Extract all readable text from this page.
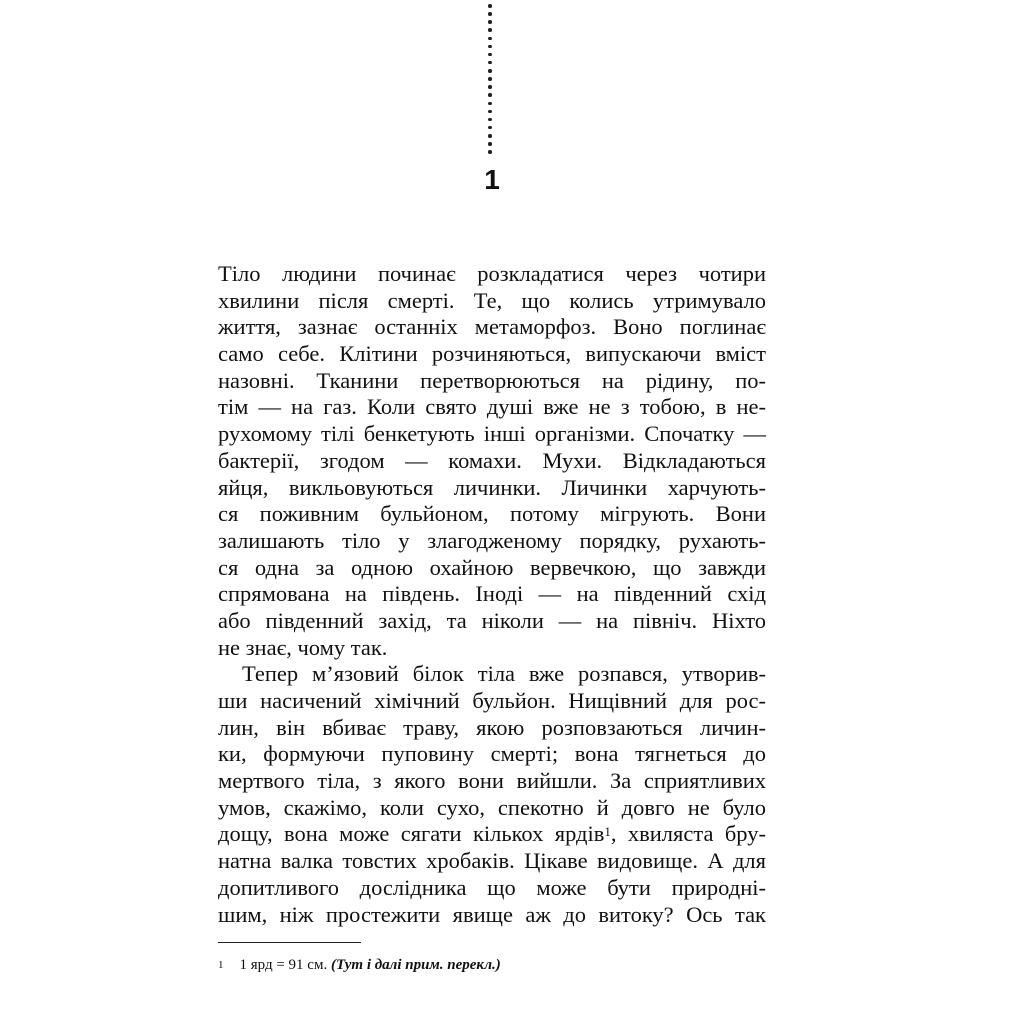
1
Тіло людини починає розкладатися через чотири
хвилини після смерті. Те, що колись утримувало
життя, зазнає останніх метаморфоз. Воно поглинає
само себе. Клітини розчиняються, випускаючи вміст
назовні. Тканини перетворюються на рідину, по-
тім — на газ. Коли свято душі вже не з тобою, в не-
рухомому тілі бенкетують інші організми. Спочатку —
бактерії, згодом — комахи. Мухи. Відкладаються
яйця, викльовуються личинки. Личинки харчують-
ся поживним бульйоном, потому мігрують. Вони
залишають тіло у злагодженому порядку, рухають-
ся одна за одною охайною вервечкою, що завжди
спрямована на південь. Іноді — на південний схід
або південний захід, та ніколи — на північ. Ніхто
не знає, чому так.
Тепер м’язовий білок тіла вже розпався, утворив-
ши насичений хімічний бульйон. Нищівний для рос-
лин, він вбиває траву, якою розповзаються личин-
ки, формуючи пуповину смерті; вона тягнеться до
мертвого тіла, з якого вони вийшли. За сприятливих
умов, скажімо, коли сухо, спекотно й довго не було
дощу, вона може сягати кількох ярдів$^1$, хвиляста бру-
натна валка товстих хробаків. Цікаве видовище. А для
допитливого дослідника що може бути природні-
шим, ніж простежити явище аж до витоку? Ось так
$^1$ 1 ярд = 91 см. (Тут і далі прим. перекл.)
